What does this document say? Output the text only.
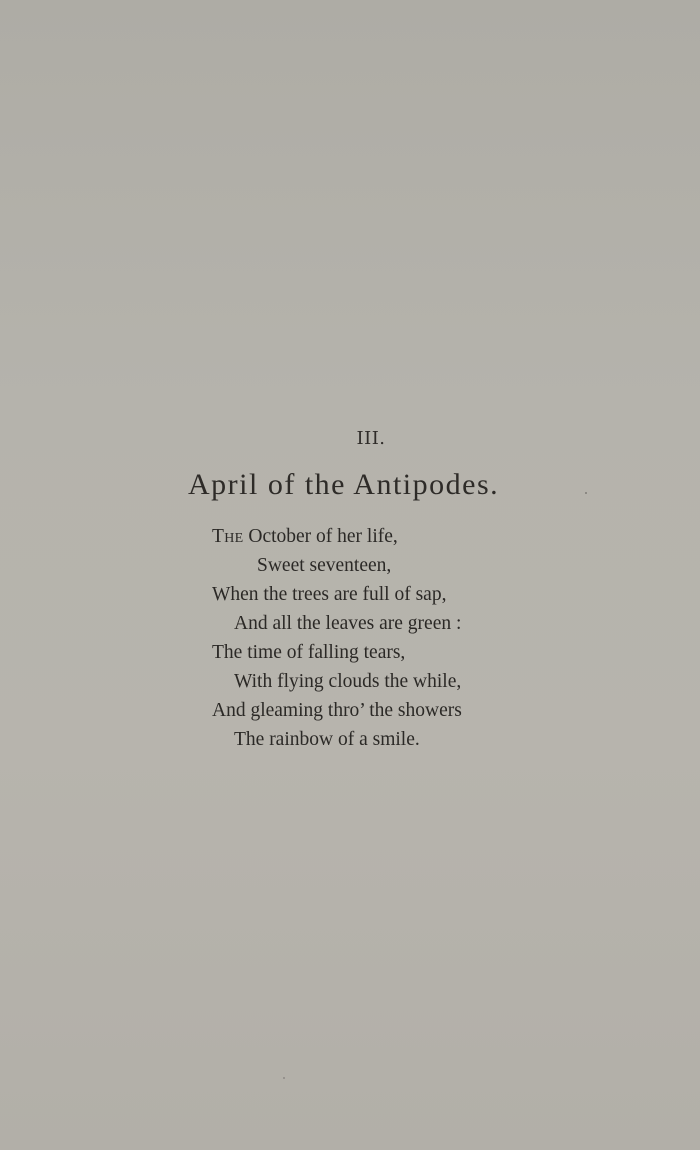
III.
April of the Antipodes.
The October of her life,
Sweet seventeen,
When the trees are full of sap,
And all the leaves are green :
The time of falling tears,
With flying clouds the while,
And gleaming thro’ the showers
The rainbow of a smile.
